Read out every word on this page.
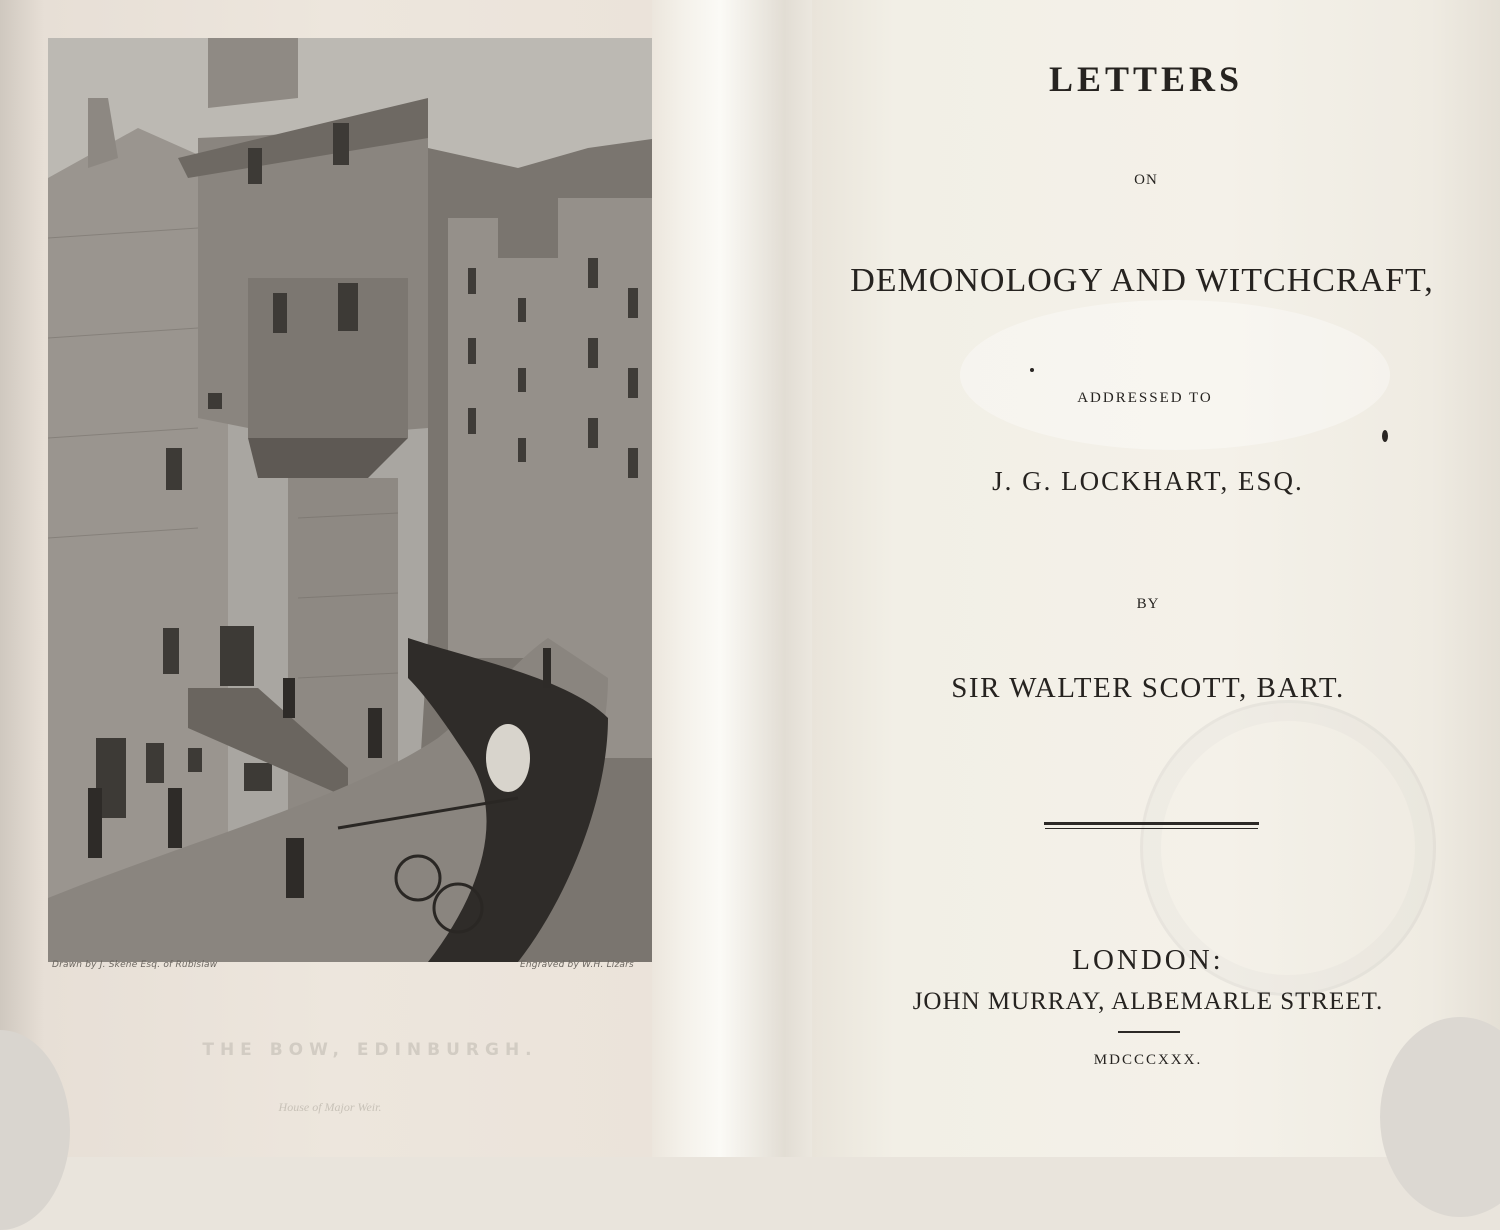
Drawn by J. Skene Esq. of Rubislaw	Engraved by W.H. Lizars
THE BOW, EDINBURGH.
House of Major Weir.
LETTERS
ON
DEMONOLOGY AND WITCHCRAFT,
ADDRESSED TO
J. G. LOCKHART, ESQ.
BY
SIR WALTER SCOTT, BART.
LONDON:
JOHN MURRAY, ALBEMARLE STREET.
MDCCCXXX.
